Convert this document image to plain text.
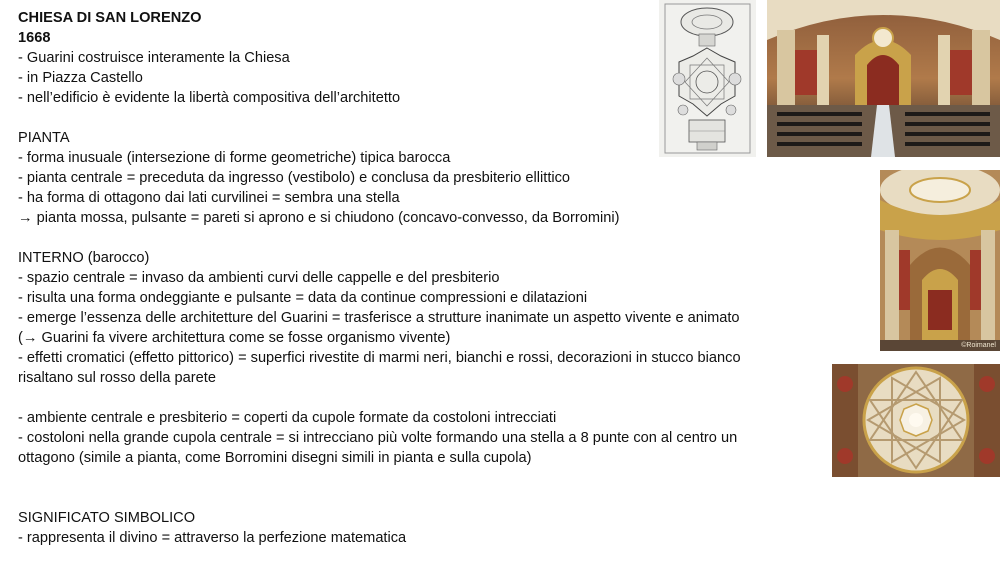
CHIESA DI SAN LORENZO
1668
- Guarini costruisce interamente la Chiesa
- in Piazza Castello
- nell’edificio è evidente la libertà compositiva dell’architetto
PIANTA
- forma inusuale (intersezione di forme geometriche) tipica barocca
- pianta centrale = preceduta da ingresso (vestibolo) e conclusa da presbiterio ellittico
- ha forma di ottagono dai lati curvilinei = sembra una stella
→ pianta mossa, pulsante = pareti si aprono e si chiudono (concavo-convesso, da Borromini)
INTERNO (barocco)
- spazio centrale = invaso da ambienti curvi delle cappelle e del presbiterio
- risulta una forma ondeggiante e pulsante = data da continue compressioni e dilatazioni
- emerge l’essenza delle architetture del Guarini = trasferisce a strutture inanimate un aspetto vivente e animato
(→ Guarini fa vivere architettura come se fosse organismo vivente)
- effetti cromatici (effetto pittorico) = superfici rivestite di marmi neri, bianchi e rossi, decorazioni in stucco bianco
risaltano sul rosso della parete
- ambiente centrale e presbiterio = coperti da cupole formate da costoloni intrecciati
- costoloni nella grande cupola centrale = si intrecciano più volte formando una stella a 8 punte con al centro un
ottagono (simile a pianta, come Borromini disegni simili in pianta e sulla cupola)
SIGNIFICATO SIMBOLICO
- rappresenta il divino = attraverso la perfezione matematica
©Roimanel
